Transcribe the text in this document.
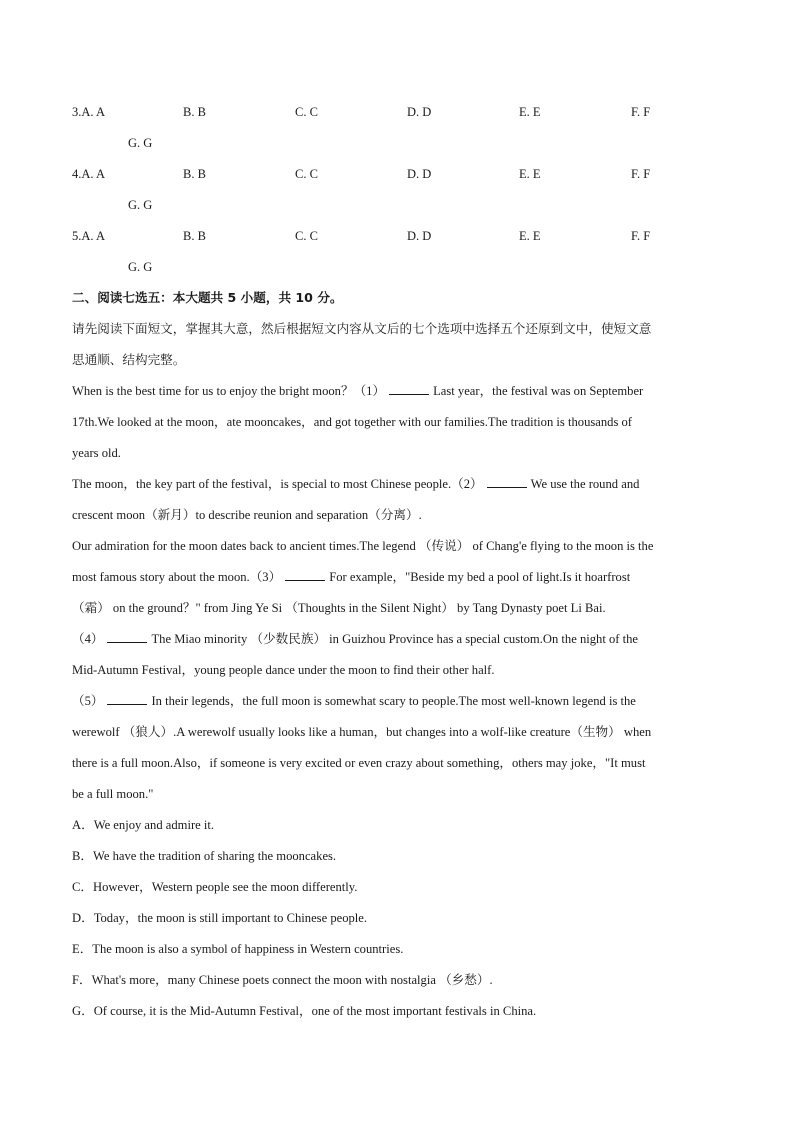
3.A. A	B. B	C. C	D. D	E. E	F. F
G. G
4.A. A	B. B	C. C	D. D	E. E	F. F
G. G
5.A. A	B. B	C. C	D. D	E. E	F. F
G. G
二、阅读七选五：本大题共 5 小题，共 10 分。
请先阅读下面短文，掌握其大意，然后根据短文内容从文后的七个选项中选择五个还原到文中，使短文意
思通顺、结构完整。
When is the best time for us to enjoy the bright moon？（1）	Last year，the festival was on September
17th.We looked at the moon，ate mooncakes，and got together with our families.The tradition is thousands of
years old.
The moon，the key part of the festival，is special to most Chinese people.（2）	We use the round and
crescent moon（新月）to describe reunion and separation（分离）.
Our admiration for the moon dates back to ancient times.The legend （传说） of Chang'e flying to the moon is the
most famous story about the moon.（3）	For example，"Beside my bed a pool of light.Is it hoarfrost
（霜） on the ground？" from Jing Ye Si （Thoughts in the Silent Night） by Tang Dynasty poet Li Bai.
（4）	The Miao minority （少数民族） in Guizhou Province has a special custom.On the night of the
Mid-Autumn Festival，young people dance under the moon to find their other half.
（5）	In their legends，the full moon is somewhat scary to people.The most well-known legend is the
werewolf （狼人）.A werewolf usually looks like a human，but changes into a wolf-like creature（生物） when
there is a full moon.Also，if someone is very excited or even crazy about something，others may joke，"It must
be a full moon."
A．We enjoy and admire it.
B．We have the tradition of sharing the mooncakes.
C．However，Western people see the moon differently.
D．Today，the moon is still important to Chinese people.
E．The moon is also a symbol of happiness in Western countries.
F．What's more，many Chinese poets connect the moon with nostalgia （乡愁）.
G．Of course, it is the Mid-Autumn Festival，one of the most important festivals in China.
